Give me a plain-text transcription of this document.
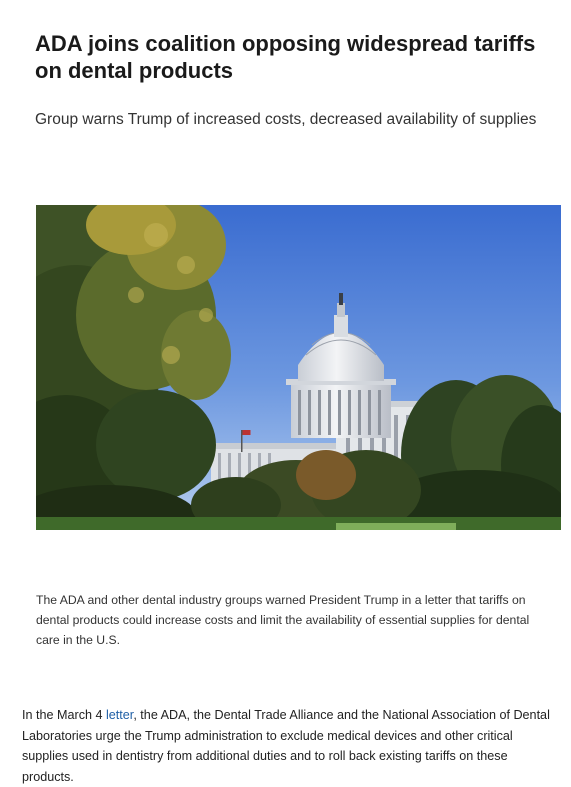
ADA joins coalition opposing widespread tariffs on dental products
Group warns Trump of increased costs, decreased availability of supplies

The ADA and other dental industry groups warned President Trump in a letter that tariffs on dental products could increase costs and limit the availability of essential supplies for dental care in the U.S.

In the March 4 letter, the ADA, the Dental Trade Alliance and the National Association of Dental Laboratories urge the Trump administration to exclude medical devices and other critical supplies used in dentistry from additional duties and to roll back existing tariffs on these products.
